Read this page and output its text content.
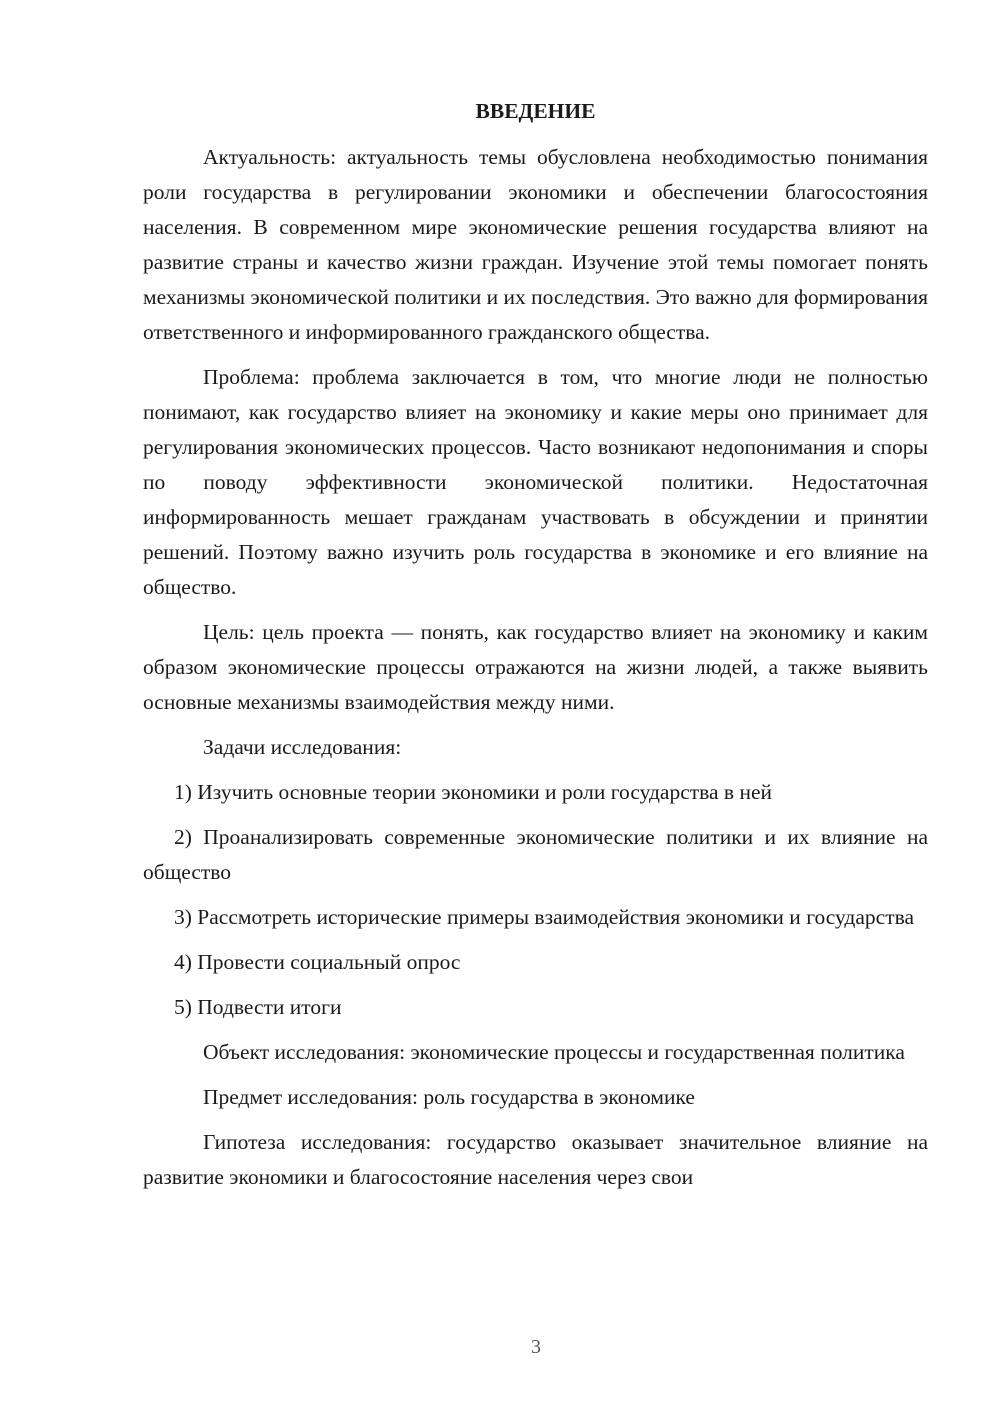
ВВЕДЕНИЕ

Актуальность: актуальность темы обусловлена необходимостью понимания роли государства в регулировании экономики и обеспечении благосостояния населения. В современном мире экономические решения государства влияют на развитие страны и качество жизни граждан. Изучение этой темы помогает понять механизмы экономической политики и их последствия. Это важно для формирования ответственного и информированного гражданского общества.

Проблема: проблема заключается в том, что многие люди не полностью понимают, как государство влияет на экономику и какие меры оно принимает для регулирования экономических процессов. Часто возникают недопонимания и споры по поводу эффективности экономической политики. Недостаточная информированность мешает гражданам участвовать в обсуждении и принятии решений. Поэтому важно изучить роль государства в экономике и его влияние на общество.

Цель: цель проекта — понять, как государство влияет на экономику и каким образом экономические процессы отражаются на жизни людей, а также выявить основные механизмы взаимодействия между ними.

Задачи исследования:

1) Изучить основные теории экономики и роли государства в ней

2) Проанализировать современные экономические политики и их влияние на общество

3) Рассмотреть исторические примеры взаимодействия экономики и государства

4) Провести социальный опрос

5) Подвести итоги

Объект исследования: экономические процессы и государственная политика

Предмет исследования: роль государства в экономике

Гипотеза исследования: государство оказывает значительное влияние на развитие экономики и благосостояние населения через свои

3
